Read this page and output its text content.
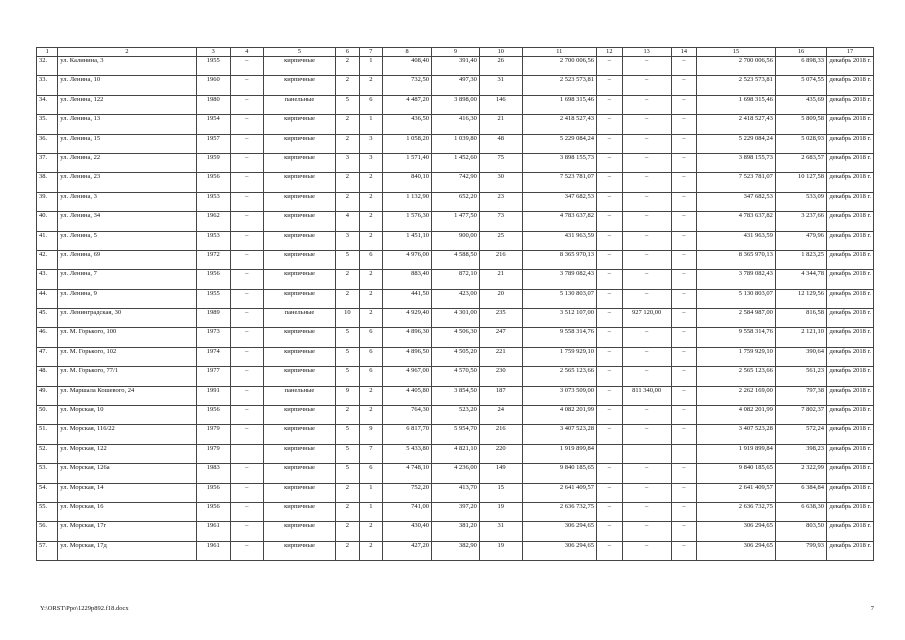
1	2	3	4	5	6	7	8	9	10	11	12	13	14	15	16	17
32.	ул. Калинина, 3	1955	–	кирпичные	2	1	408,40	391,40	26	2 700 006,56	–	–	–	2 700 006,56	6 898,33	декабрь 2018 г.
33.	ул. Ленина, 10	1960	–	кирпичные	2	2	732,50	497,30	31	2 523 573,81	–	–	–	2 523 573,81	5 074,55	декабрь 2018 г.
34.	ул. Ленина, 122	1980	–	панельные	5	6	4 487,20	3 898,00	146	1 698 315,46	–	–	–	1 698 315,46	435,69	декабрь 2018 г.
35.	ул. Ленина, 13	1954	–	кирпичные	2	1	436,50	416,30	21	2 418 527,43	–	–	–	2 418 527,43	5 809,58	декабрь 2018 г.
36.	ул. Ленина, 15	1957	–	кирпичные	2	3	1 058,20	1 039,80	48	5 229 084,24	–	–	–	5 229 084,24	5 028,93	декабрь 2018 г.
37.	ул. Ленина, 22	1959	–	кирпичные	3	3	1 571,40	1 452,60	75	3 898 155,73	–	–	–	3 898 155,73	2 683,57	декабрь 2018 г.
38.	ул. Ленина, 23	1956	–	кирпичные	2	2	840,10	742,90	30	7 523 781,07	–	–	–	7 523 781,07	10 127,58	декабрь 2018 г.
39.	ул. Ленина, 3	1953	–	кирпичные	2	2	1 132,90	652,20	23	347 682,53	–	–	–	347 682,53	533,09	декабрь 2018 г.
40.	ул. Ленина, 34	1962	–	кирпичные	4	2	1 576,30	1 477,50	73	4 783 637,82	–	–	–	4 783 637,82	3 237,66	декабрь 2018 г.
41.	ул. Ленина, 5	1953	–	кирпичные	3	2	1 451,10	900,00	25	431 963,59	–	–	–	431 963,59	479,96	декабрь 2018 г.
42.	ул. Ленина, 69	1972	–	кирпичные	5	6	4 976,00	4 588,50	216	8 365 970,13	–	–	–	8 365 970,13	1 823,25	декабрь 2018 г.
43.	ул. Ленина, 7	1956	–	кирпичные	2	2	883,40	872,10	21	3 789 082,43	–	–	–	3 789 082,43	4 344,78	декабрь 2018 г.
44.	ул. Ленина, 9	1955	–	кирпичные	2	2	441,50	423,00	20	5 130 803,07	–	–	–	5 130 803,07	12 129,56	декабрь 2018 г.
45.	ул. Ленинградская, 30	1989	–	панельные	10	2	4 929,40	4 301,00	235	3 512 107,00	–	927 120,00	–	2 584 987,00	816,58	декабрь 2018 г.
46.	ул. М. Горького, 100	1973	–	кирпичные	5	6	4 896,30	4 506,30	247	9 558 314,76	–	–	–	9 558 314,76	2 121,10	декабрь 2018 г.
47.	ул. М. Горького, 102	1974	–	кирпичные	5	6	4 896,50	4 505,20	221	1 759 929,10	–	–	–	1 759 929,10	390,64	декабрь 2018 г.
48.	ул. М. Горького, 77/1	1977	–	кирпичные	5	6	4 967,00	4 570,50	230	2 565 123,66	–	–	–	2 565 123,66	561,23	декабрь 2018 г.
49.	ул. Маршала Кошевого, 24	1991	–	панельные	9	2	4 405,80	3 854,50	187	3 073 509,00	–	811 340,00	–	2 262 169,00	797,38	декабрь 2018 г.
50.	ул. Морская, 10	1956	–	кирпичные	2	2	764,30	523,20	24	4 082 201,99	–	–	–	4 082 201,99	7 802,37	декабрь 2018 г.
51.	ул. Морская, 116/22	1979	–	кирпичные	5	9	6 817,70	5 954,70	216	3 407 523,28	–	–	–	3 407 523,28	572,24	декабрь 2018 г.
52.	ул. Морская, 122	1979		кирпичные	5	7	5 433,80	4 821,10	220	1 919 899,84				1 919 899,84	398,23	декабрь 2018 г.
53.	ул. Морская, 126а	1983	–	кирпичные	5	6	4 748,10	4 236,00	149	9 840 185,65	–	–	–	9 840 185,65	2 322,99	декабрь 2018 г.
54.	ул. Морская, 14	1956	–	кирпичные	2	1	752,20	413,70	15	2 641 409,57	–	–	–	2 641 409,57	6 384,84	декабрь 2018 г.
55.	ул. Морская, 16	1956	–	кирпичные	2	1	741,00	397,20	19	2 636 732,75	–	–	–	2 636 732,75	6 638,30	декабрь 2018 г.
56.	ул. Морская, 17г	1961	–	кирпичные	2	2	430,40	381,20	31	306 294,65	–	–	–	306 294,65	803,50	декабрь 2018 г.
57.	ул. Морская, 17д	1961	–	кирпичные	2	2	427,20	382,90	19	306 294,65	–	–	–	306 294,65	799,93	декабрь 2018 г.
Y:\ORST\Ppo\1229p892.f18.docx	7
